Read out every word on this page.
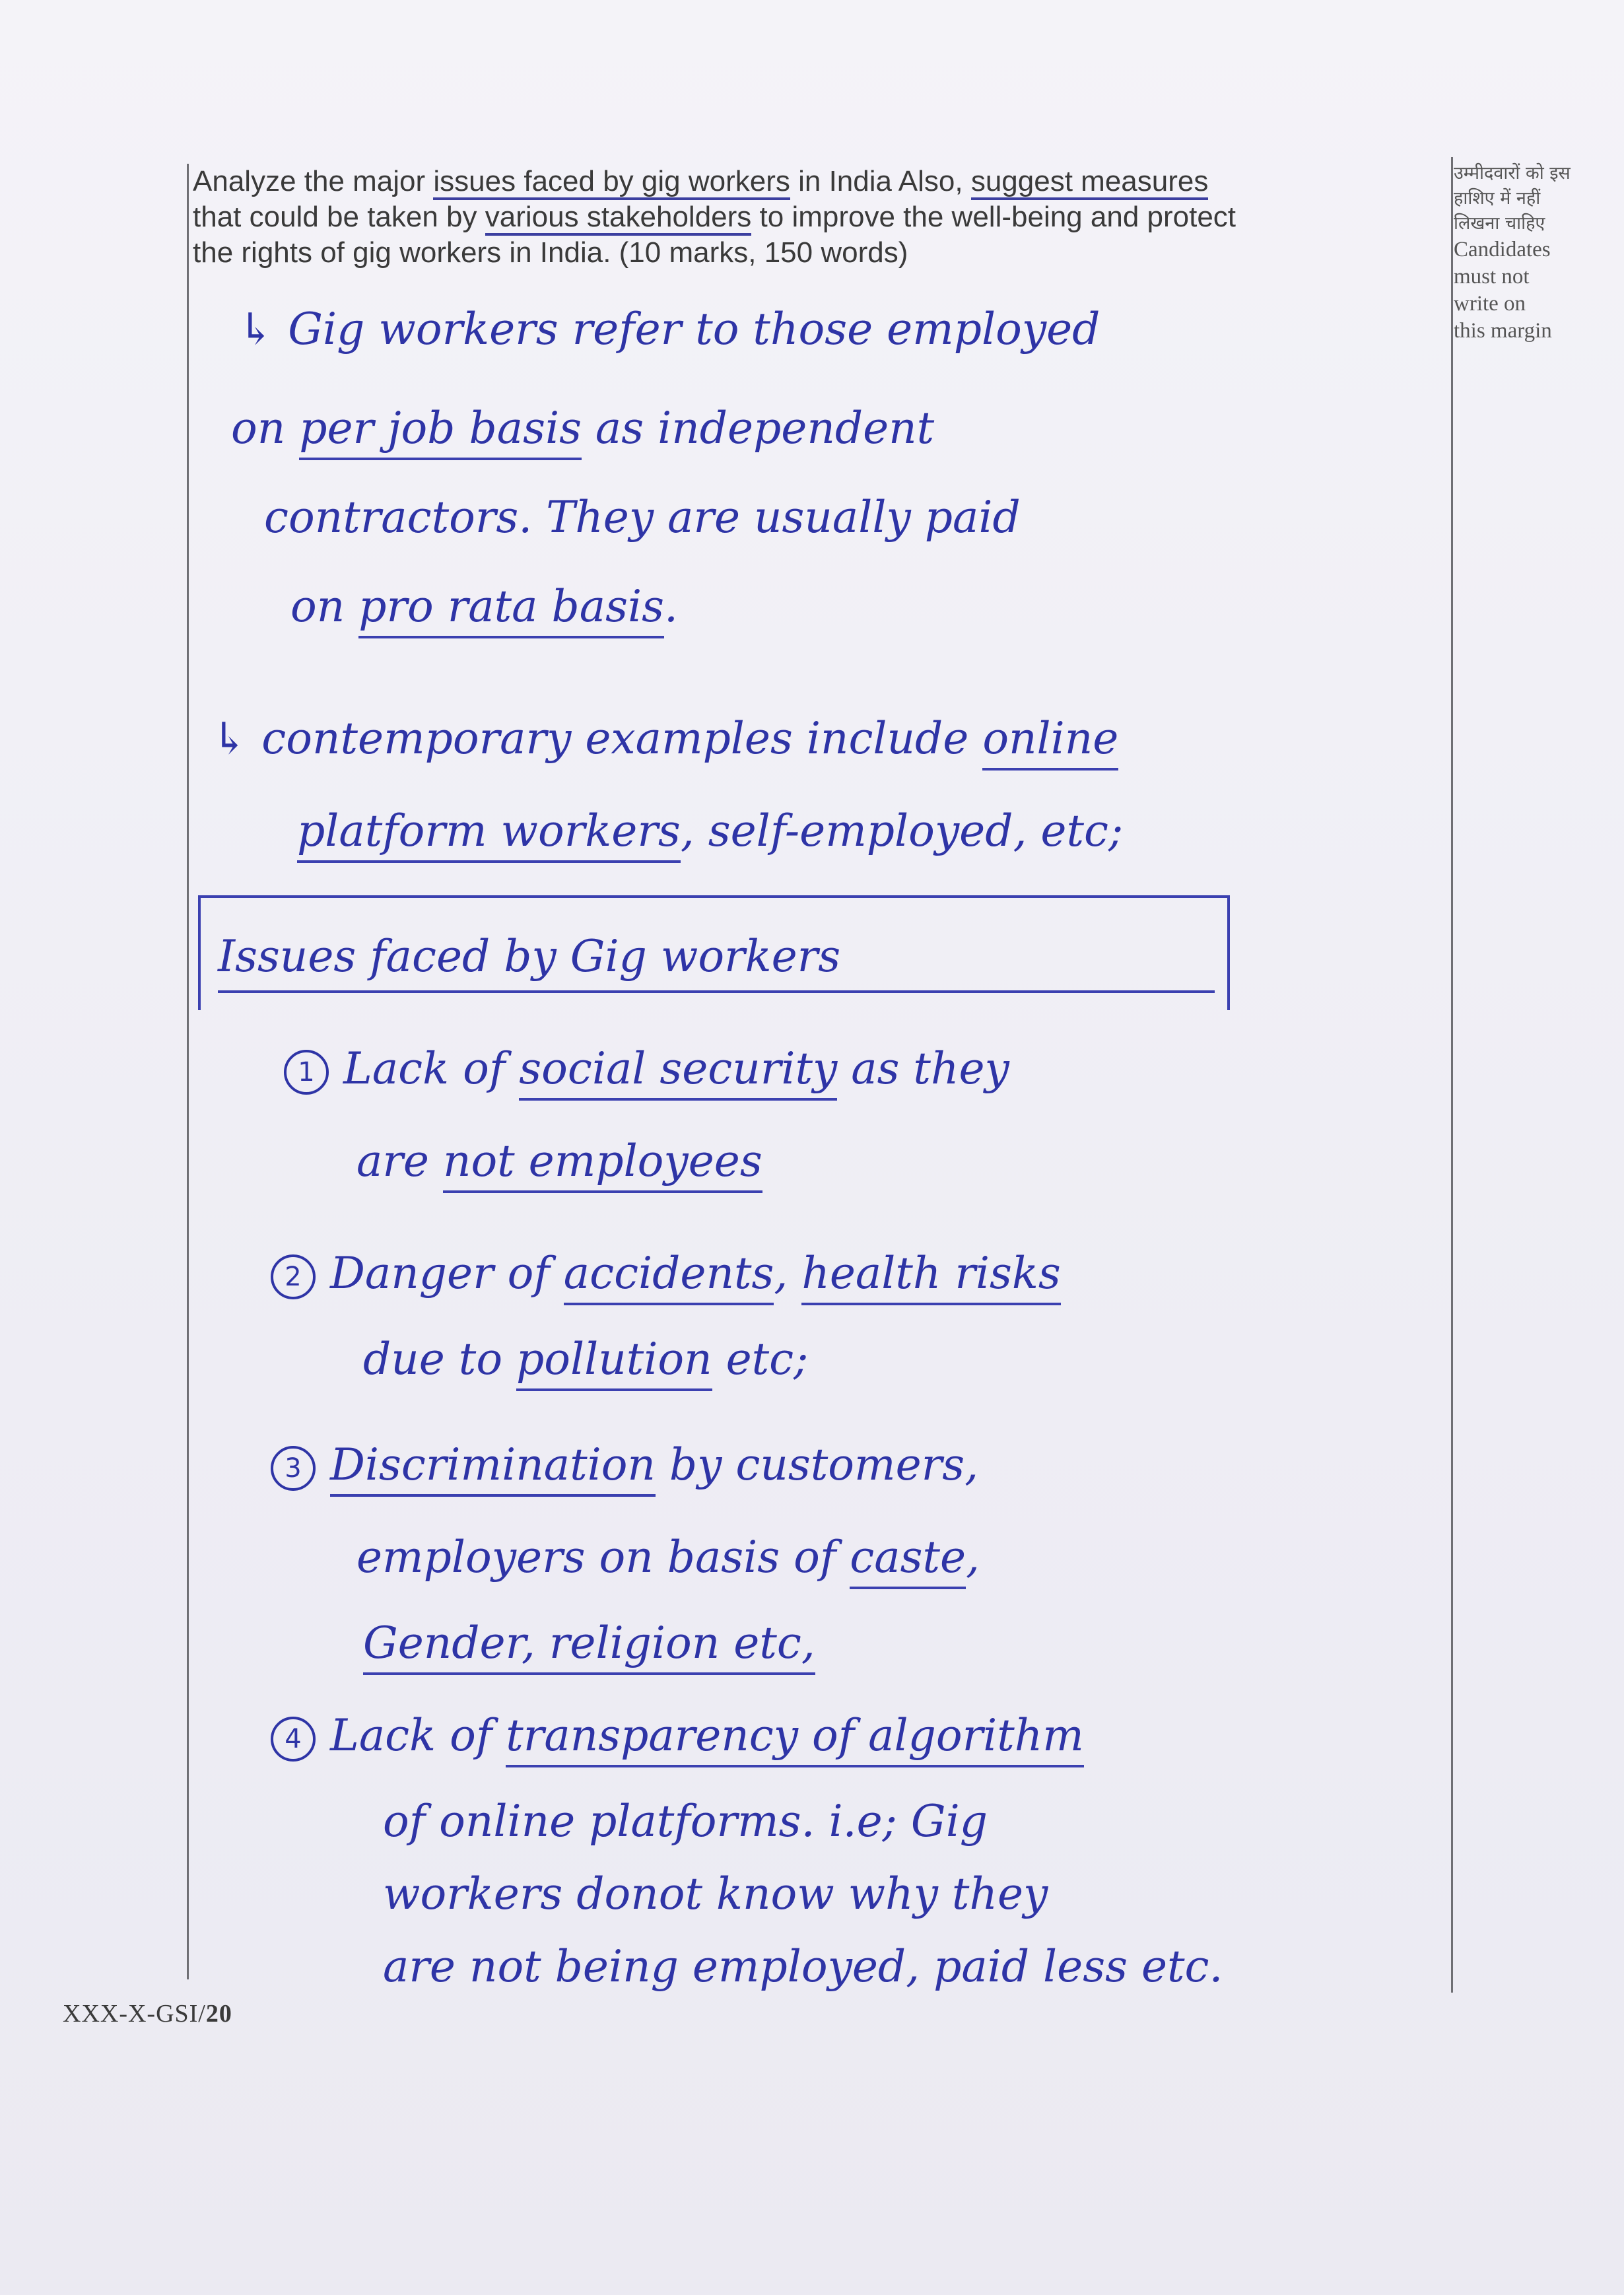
Analyze the major issues faced by gig workers in India Also, suggest measures
that could be taken by various stakeholders to improve the well-being and protect
the rights of gig workers in India. (10 marks, 150 words)
उम्मीदवारों को इस
हाशिए में नहीं
लिखना चाहिए
Candidates
must not
write on
this margin
↳ Gig workers refer to those employed
on per job basis as independent
contractors. They are usually paid
on pro rata basis.
↳ contemporary examples include online
platform workers, self-employed, etc;
Issues faced by Gig workers
1 Lack of social security as they
are not employees
2 Danger of accidents, health risks
due to pollution etc;
3 Discrimination by customers,
employers on basis of caste,
Gender, religion etc,
4 Lack of transparency of algorithm
of online platforms. i.e; Gig
workers donot know why they
are not being employed, paid less etc.
XXX-X-GSI/20
